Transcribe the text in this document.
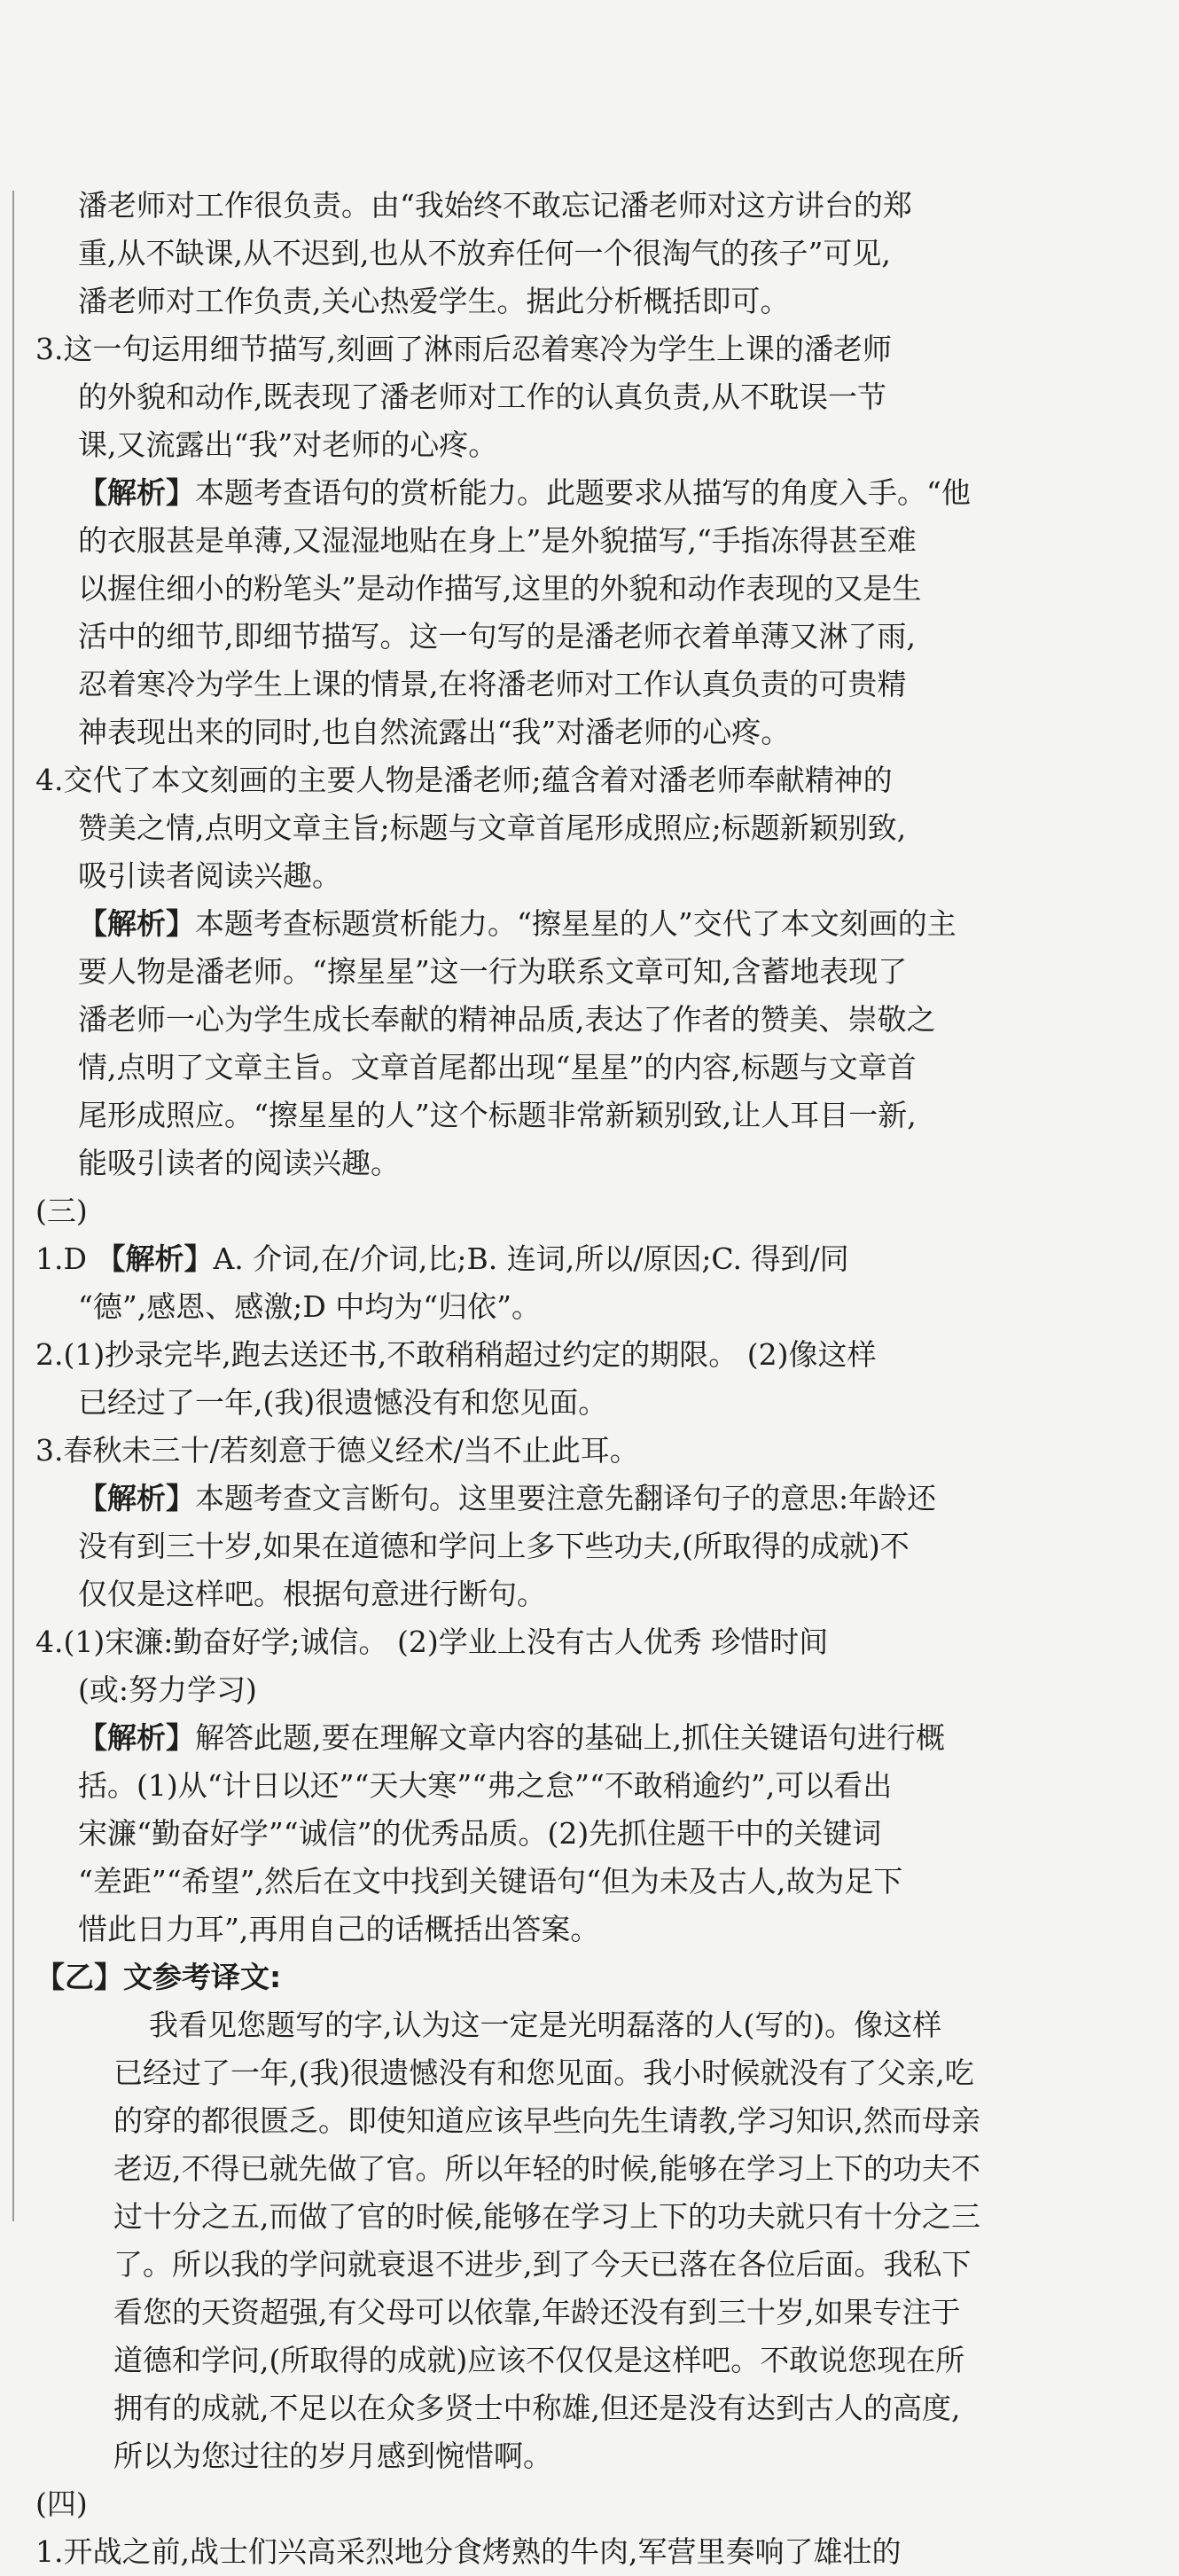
潘老师对工作很负责。由“我始终不敢忘记潘老师对这方讲台的郑
重,从不缺课,从不迟到,也从不放弃任何一个很淘气的孩子”可见,
潘老师对工作负责,关心热爱学生。据此分析概括即可。
3.这一句运用细节描写,刻画了淋雨后忍着寒冷为学生上课的潘老师
的外貌和动作,既表现了潘老师对工作的认真负责,从不耽误一节
课,又流露出“我”对老师的心疼。
【解析】本题考查语句的赏析能力。此题要求从描写的角度入手。“他
的衣服甚是单薄,又湿湿地贴在身上”是外貌描写,“手指冻得甚至难
以握住细小的粉笔头”是动作描写,这里的外貌和动作表现的又是生
活中的细节,即细节描写。这一句写的是潘老师衣着单薄又淋了雨,
忍着寒冷为学生上课的情景,在将潘老师对工作认真负责的可贵精
神表现出来的同时,也自然流露出“我”对潘老师的心疼。
4.交代了本文刻画的主要人物是潘老师;蕴含着对潘老师奉献精神的
赞美之情,点明文章主旨;标题与文章首尾形成照应;标题新颖别致,
吸引读者阅读兴趣。
【解析】本题考查标题赏析能力。“擦星星的人”交代了本文刻画的主
要人物是潘老师。“擦星星”这一行为联系文章可知,含蓄地表现了
潘老师一心为学生成长奉献的精神品质,表达了作者的赞美、崇敬之
情,点明了文章主旨。文章首尾都出现“星星”的内容,标题与文章首
尾形成照应。“擦星星的人”这个标题非常新颖别致,让人耳目一新,
能吸引读者的阅读兴趣。
(三)
1.D 【解析】A. 介词,在/介词,比;B. 连词,所以/原因;C. 得到/同
“德”,感恩、感激;D 中均为“归依”。
2.(1)抄录完毕,跑去送还书,不敢稍稍超过约定的期限。 (2)像这样
已经过了一年,(我)很遗憾没有和您见面。
3.春秋未三十/若刻意于德义经术/当不止此耳。
【解析】本题考查文言断句。这里要注意先翻译句子的意思:年龄还
没有到三十岁,如果在道德和学问上多下些功夫,(所取得的成就)不
仅仅是这样吧。根据句意进行断句。
4.(1)宋濂:勤奋好学;诚信。 (2)学业上没有古人优秀 珍惜时间
(或:努力学习)
【解析】解答此题,要在理解文章内容的基础上,抓住关键语句进行概
括。(1)从“计日以还”“天大寒”“弗之怠”“不敢稍逾约”,可以看出
宋濂“勤奋好学”“诚信”的优秀品质。(2)先抓住题干中的关键词
“差距”“希望”,然后在文中找到关键语句“但为未及古人,故为足下
惜此日力耳”,再用自己的话概括出答案。
【乙】文参考译文:
我看见您题写的字,认为这一定是光明磊落的人(写的)。像这样
已经过了一年,(我)很遗憾没有和您见面。我小时候就没有了父亲,吃
的穿的都很匮乏。即使知道应该早些向先生请教,学习知识,然而母亲
老迈,不得已就先做了官。所以年轻的时候,能够在学习上下的功夫不
过十分之五,而做了官的时候,能够在学习上下的功夫就只有十分之三
了。所以我的学问就衰退不进步,到了今天已落在各位后面。我私下
看您的天资超强,有父母可以依靠,年龄还没有到三十岁,如果专注于
道德和学问,(所取得的成就)应该不仅仅是这样吧。不敢说您现在所
拥有的成就,不足以在众多贤士中称雄,但还是没有达到古人的高度,
所以为您过往的岁月感到惋惜啊。
(四)
1.开战之前,战士们兴高采烈地分食烤熟的牛肉,军营里奏响了雄壮的
